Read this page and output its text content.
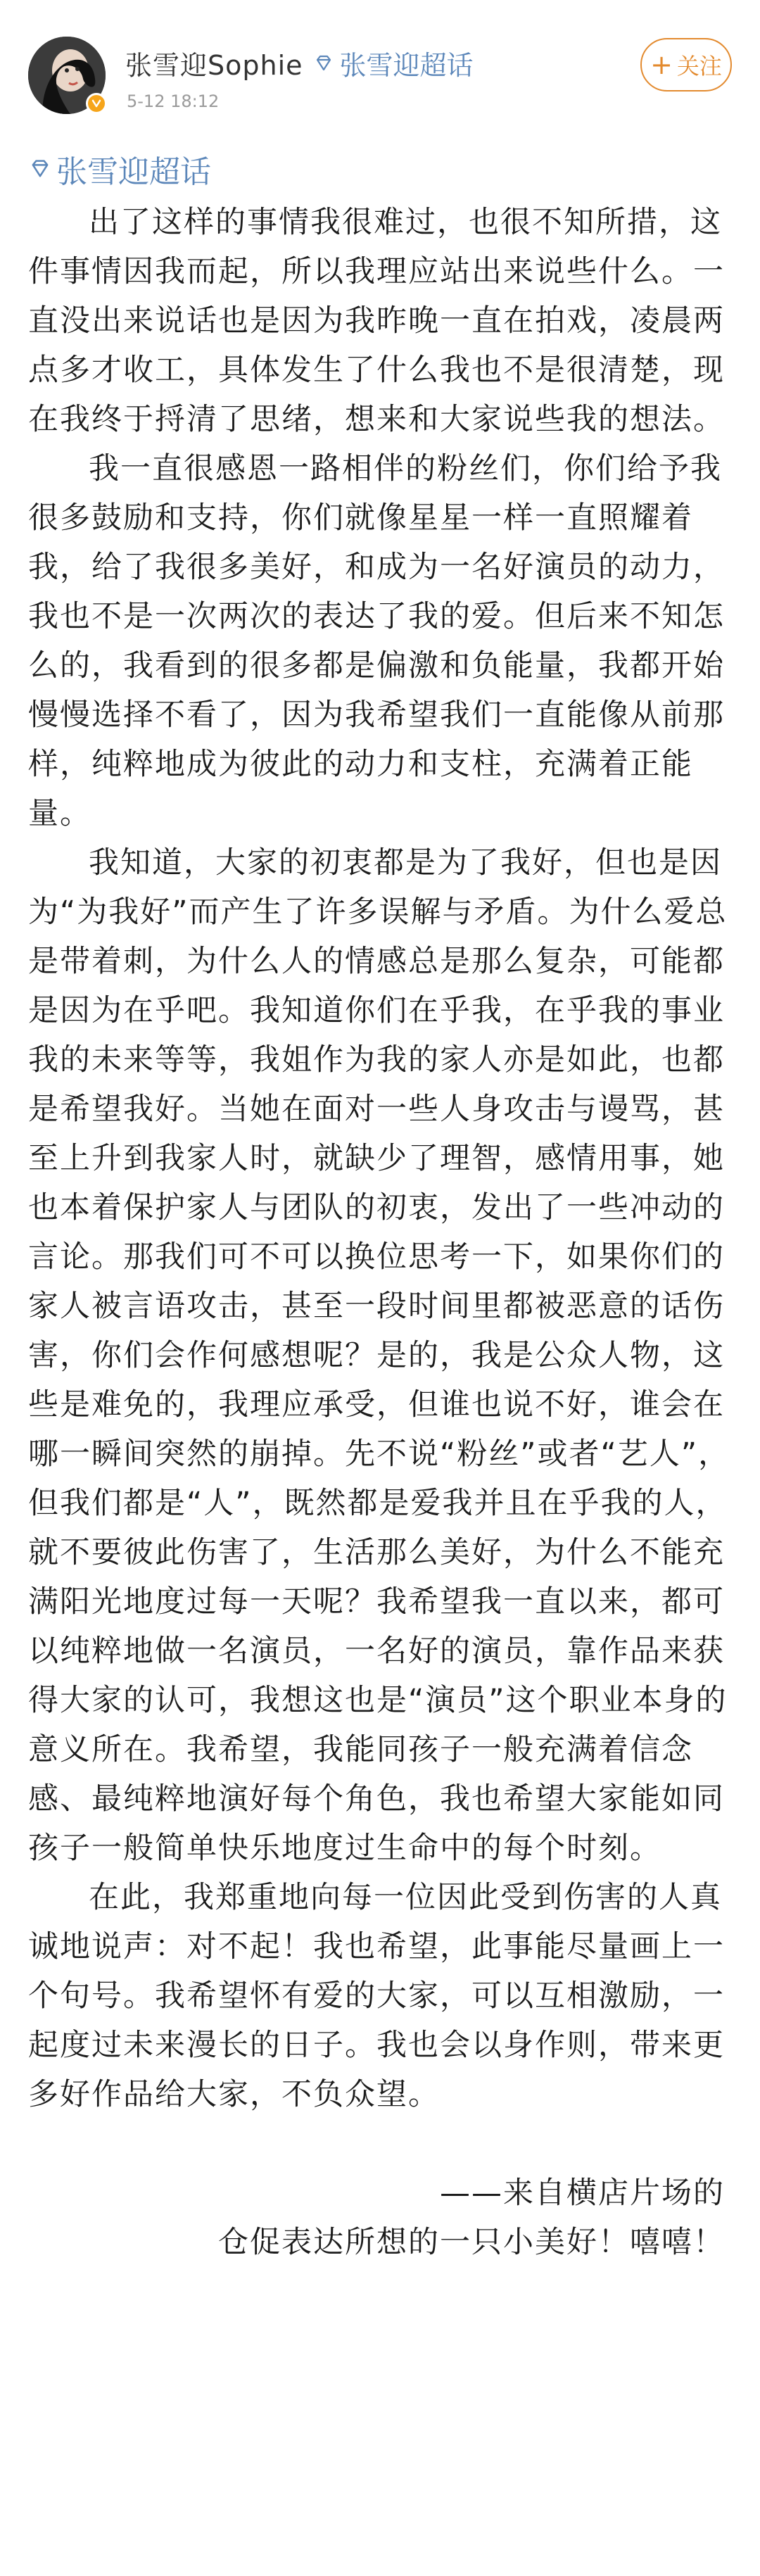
张雪迎Sophie 张雪迎超话
5-12 18:12
+ 关注
张雪迎超话

出了这样的事情我很难过，也很不知所措，这件事情因我而起，所以我理应站出来说些什么。一直没出来说话也是因为我昨晚一直在拍戏，凌晨两点多才收工，具体发生了什么我也不是很清楚，现在我终于捋清了思绪，想来和大家说些我的想法。

我一直很感恩一路相伴的粉丝们，你们给予我很多鼓励和支持，你们就像星星一样一直照耀着我，给了我很多美好，和成为一名好演员的动力，我也不是一次两次的表达了我的爱。但后来不知怎么的，我看到的很多都是偏激和负能量，我都开始慢慢选择不看了，因为我希望我们一直能像从前那样，纯粹地成为彼此的动力和支柱，充满着正能量。

我知道，大家的初衷都是为了我好，但也是因为“为我好”而产生了许多误解与矛盾。为什么爱总是带着刺，为什么人的情感总是那么复杂，可能都是因为在乎吧。我知道你们在乎我，在乎我的事业我的未来等等，我姐作为我的家人亦是如此，也都是希望我好。当她在面对一些人身攻击与谩骂，甚至上升到我家人时，就缺少了理智，感情用事，她也本着保护家人与团队的初衷，发出了一些冲动的言论。那我们可不可以换位思考一下，如果你们的家人被言语攻击，甚至一段时间里都被恶意的话伤害，你们会作何感想呢？是的，我是公众人物，这些是难免的，我理应承受，但谁也说不好，谁会在哪一瞬间突然的崩掉。先不说“粉丝”或者“艺人”，但我们都是“人”，既然都是爱我并且在乎我的人，就不要彼此伤害了，生活那么美好，为什么不能充满阳光地度过每一天呢？我希望我一直以来，都可以纯粹地做一名演员，一名好的演员，靠作品来获得大家的认可，我想这也是“演员”这个职业本身的意义所在。我希望，我能同孩子一般充满着信念感、最纯粹地演好每个角色，我也希望大家能如同孩子一般简单快乐地度过生命中的每个时刻。

在此，我郑重地向每一位因此受到伤害的人真诚地说声：对不起！我也希望，此事能尽量画上一个句号。我希望怀有爱的大家，可以互相激励，一起度过未来漫长的日子。我也会以身作则，带来更多好作品给大家，不负众望。

——来自横店片场的
仓促表达所想的一只小美好！嘻嘻！
